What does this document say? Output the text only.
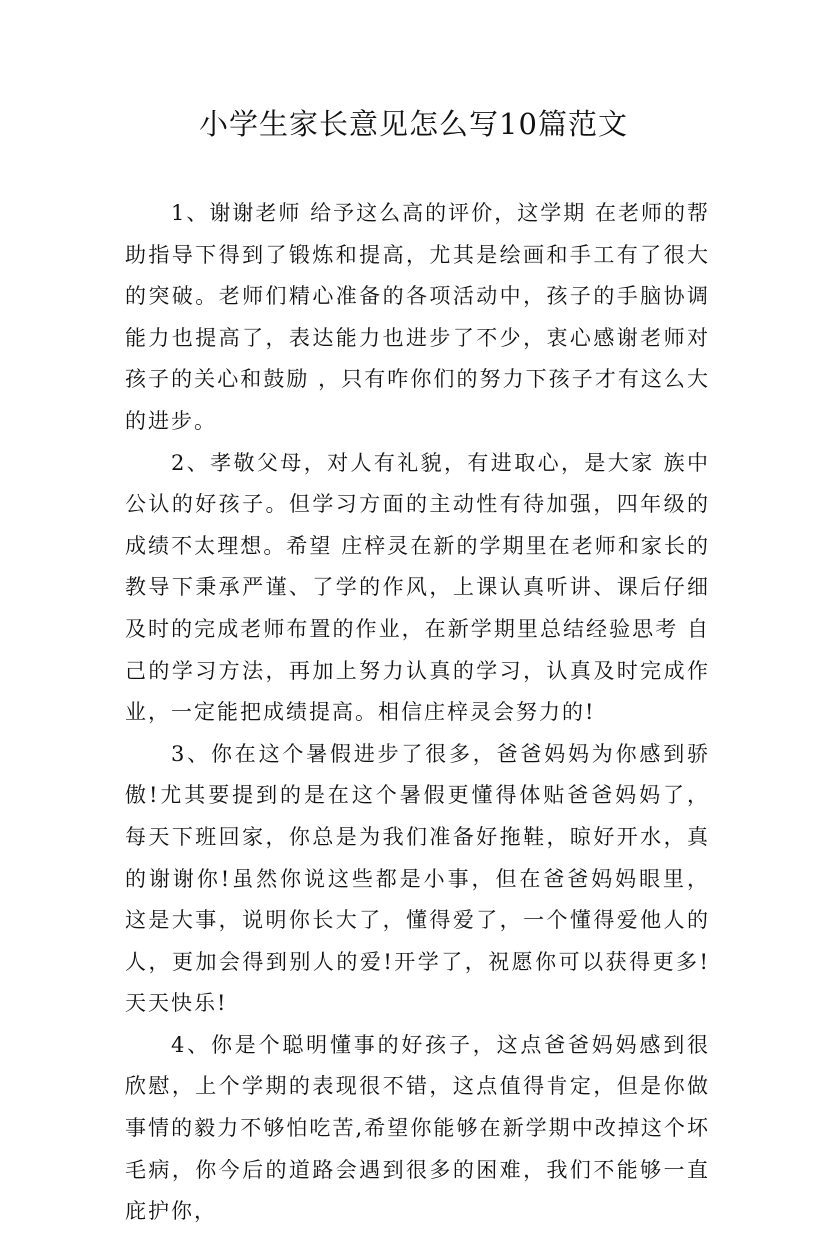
小学生家长意见怎么写10篇范文

1、谢谢老师 给予这么高的评价，这学期 在老师的帮助指导下得到了锻炼和提高，尤其是绘画和手工有了很大的突破。老师们精心准备的各项活动中，孩子的手脑协调能力也提高了，表达能力也进步了不少，衷心感谢老师对孩子的关心和鼓励 ，只有咋你们的努力下孩子才有这么大的进步。

2、孝敬父母，对人有礼貌，有进取心，是大家 族中公认的好孩子。但学习方面的主动性有待加强，四年级的成绩不太理想。希望 庄梓灵在新的学期里在老师和家长的教导下秉承严谨、了学的作风，上课认真听讲、课后仔细及时的完成老师布置的作业，在新学期里总结经验思考 自己的学习方法，再加上努力认真的学习，认真及时完成作业，一定能把成绩提高。相信庄梓灵会努力的!

3、你在这个暑假进步了很多，爸爸妈妈为你感到骄傲!尤其要提到的是在这个暑假更懂得体贴爸爸妈妈了，每天下班回家，你总是为我们准备好拖鞋，晾好开水，真的谢谢你!虽然你说这些都是小事，但在爸爸妈妈眼里，这是大事，说明你长大了，懂得爱了，一个懂得爱他人的人，更加会得到别人的爱!开学了，祝愿你可以获得更多!天天快乐!

4、你是个聪明懂事的好孩子，这点爸爸妈妈感到很欣慰，上个学期的表现很不错，这点值得肯定，但是你做事情的毅力不够怕吃苦,希望你能够在新学期中改掉这个坏毛病，你今后的道路会遇到很多的困难，我们不能够一直庇护你，
